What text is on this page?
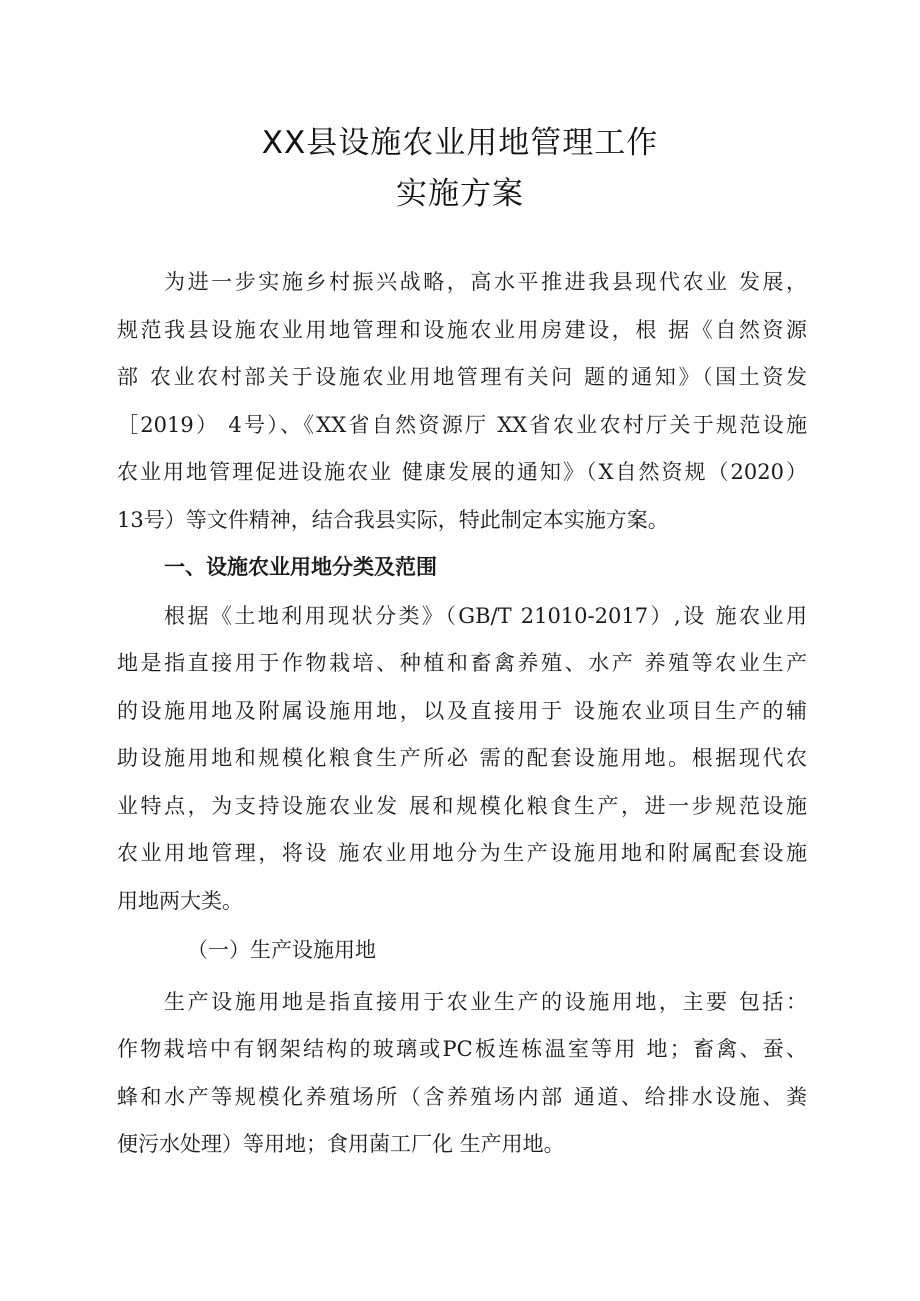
XX县设施农业用地管理工作
实施方案
为进一步实施乡村振兴战略，高水平推进我县现代农业 发展，
规范我县设施农业用地管理和设施农业用房建设，根 据《自然资源
部 农业农村部关于设施农业用地管理有关问 题的通知》（国土资发
［2019） 4号）、《XX省自然资源厅 XX省农业农村厅关于规范设施
农业用地管理促进设施农业 健康发展的通知》（X自然资规（2020）
13号）等文件精神，结合我县实际，特此制定本实施方案。
一、设施农业用地分类及范围
根据《土地利用现状分类》（GB/T 21010-2017）,设 施农业用
地是指直接用于作物栽培、种植和畜禽养殖、水产 养殖等农业生产
的设施用地及附属设施用地，以及直接用于 设施农业项目生产的辅
助设施用地和规模化粮食生产所必 需的配套设施用地。根据现代农
业特点，为支持设施农业发 展和规模化粮食生产，进一步规范设施
农业用地管理，将设 施农业用地分为生产设施用地和附属配套设施
用地两大类。
（一）生产设施用地
生产设施用地是指直接用于农业生产的设施用地，主要 包括：
作物栽培中有钢架结构的玻璃或PC板连栋温室等用 地；畜禽、蚕、
蜂和水产等规模化养殖场所（含养殖场内部 通道、给排水设施、粪
便污水处理）等用地；食用菌工厂化 生产用地。
